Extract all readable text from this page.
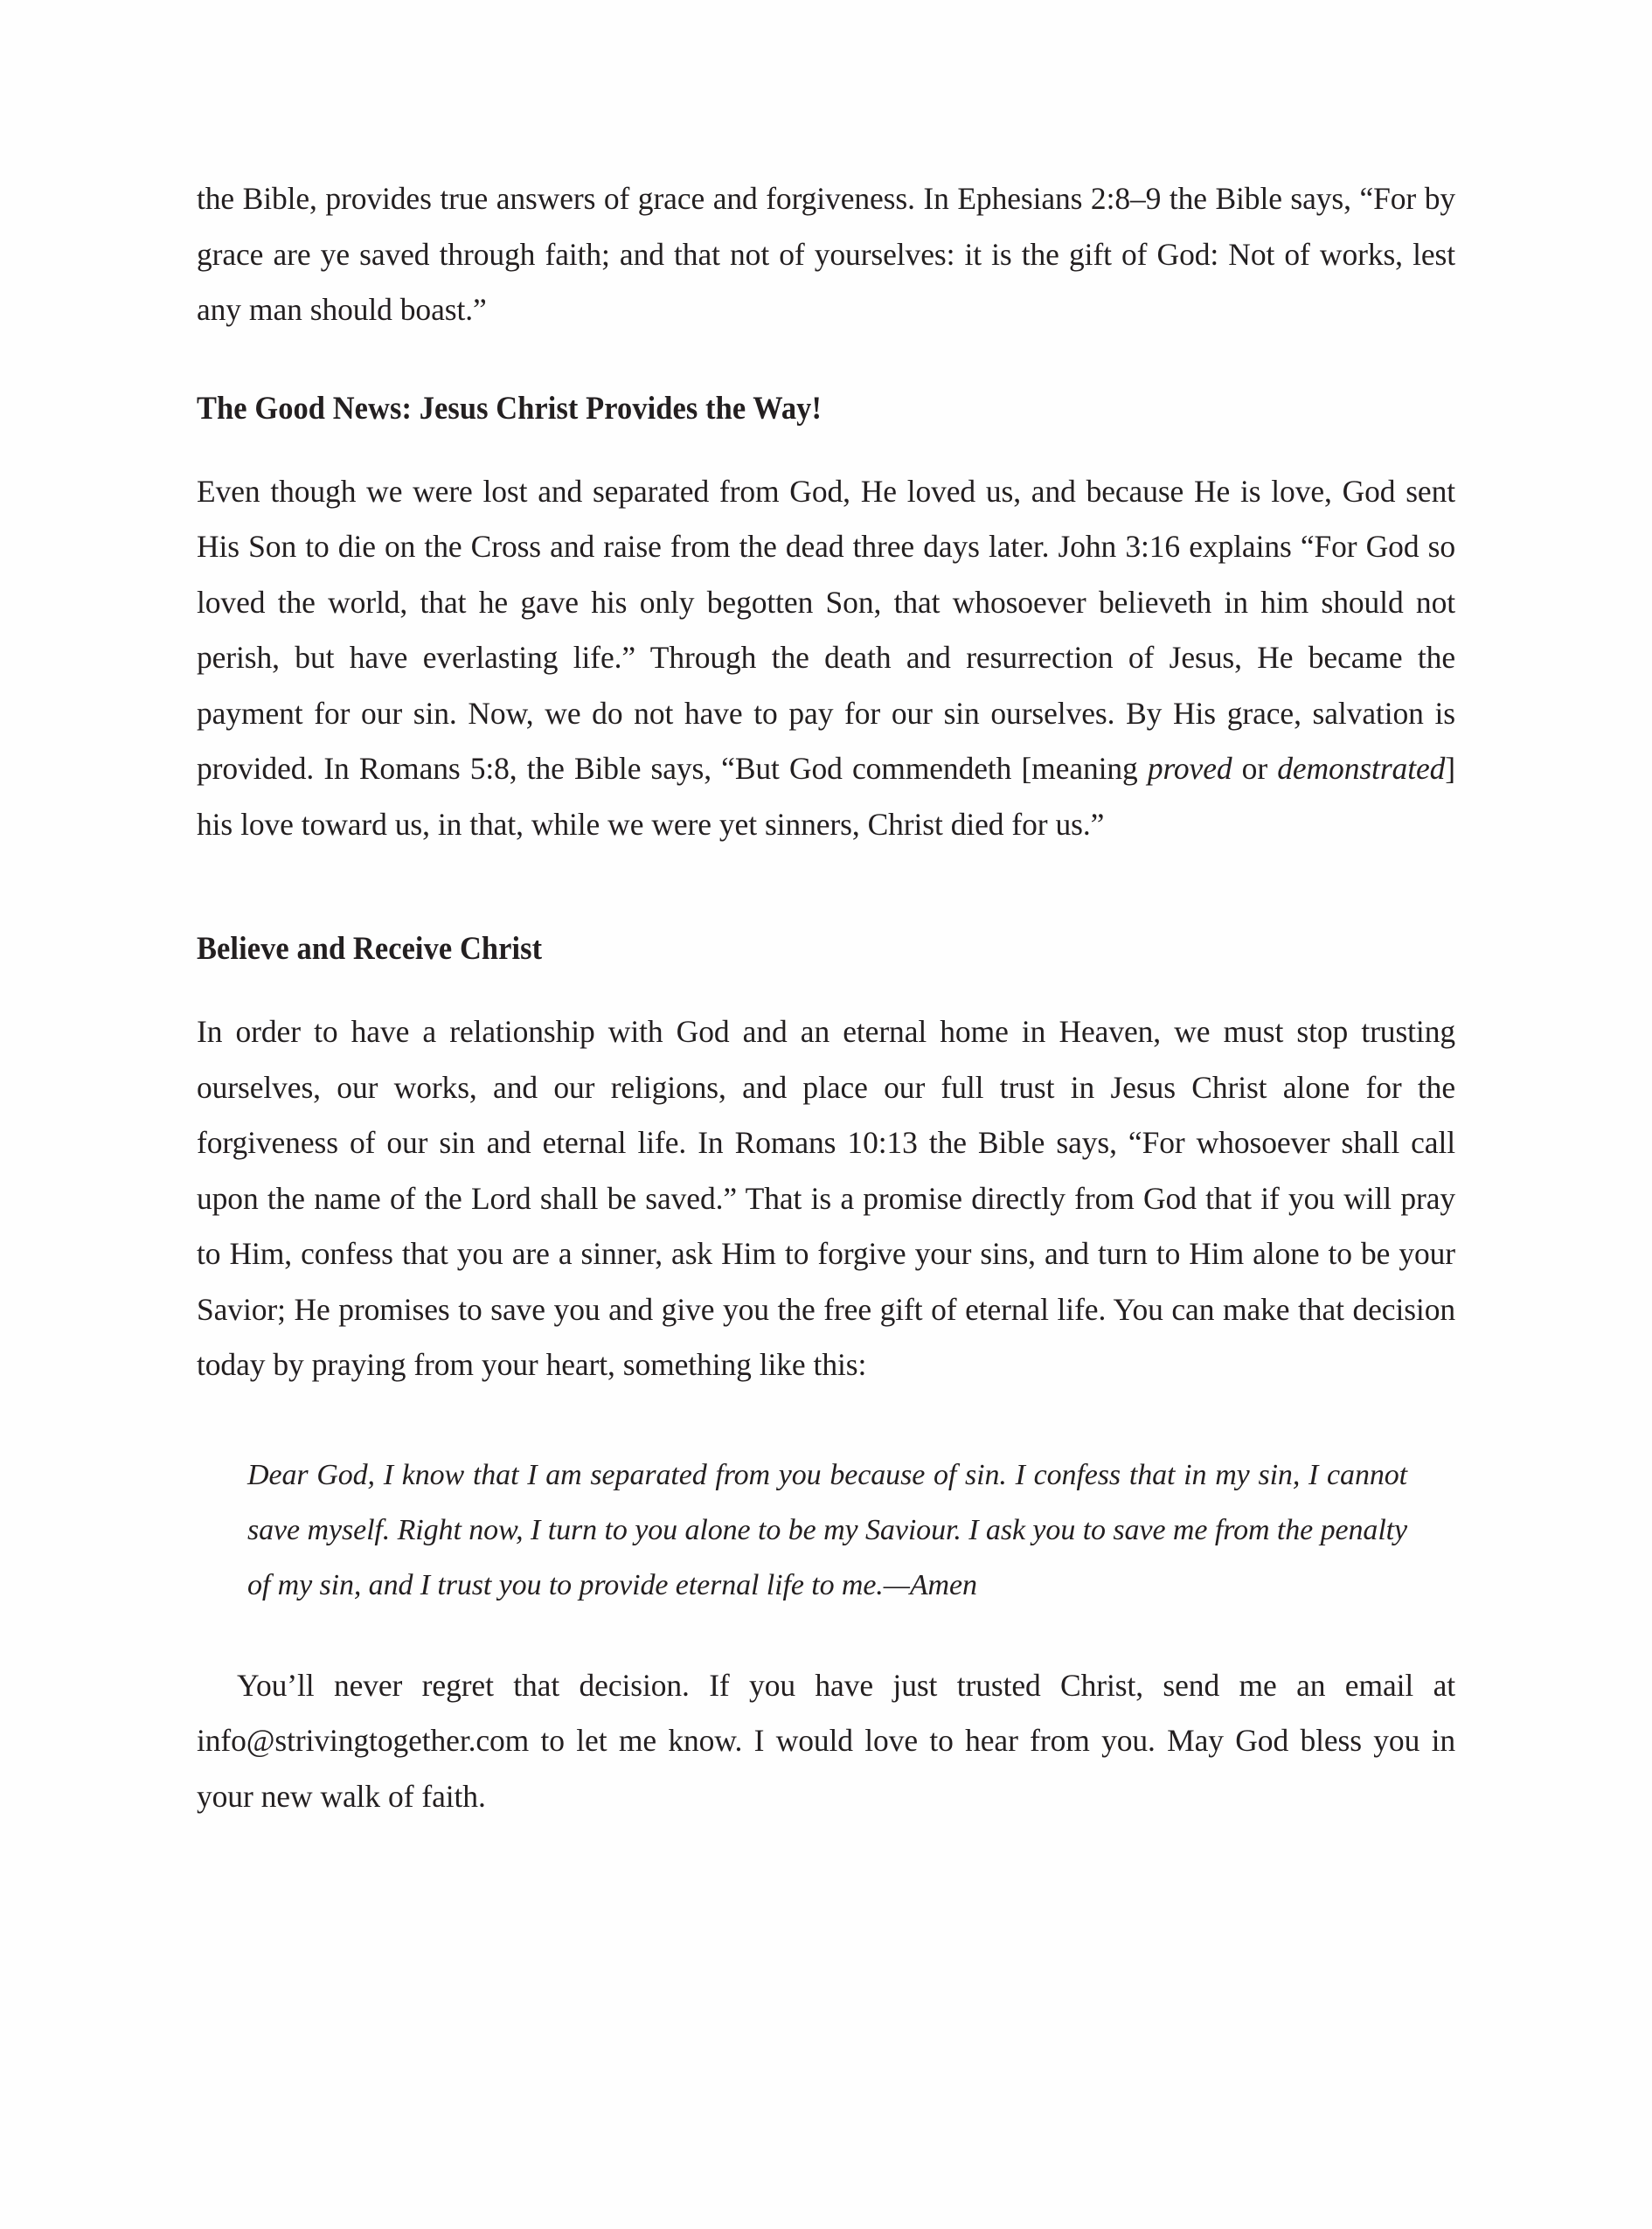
the Bible, provides true answers of grace and forgiveness. In Ephesians 2:8–9 the Bible says, “For by grace are ye saved through faith; and that not of yourselves: it is the gift of God: Not of works, lest any man should boast.”

The Good News: Jesus Christ Provides the Way!

Even though we were lost and separated from God, He loved us, and because He is love, God sent His Son to die on the Cross and raise from the dead three days later. John 3:16 explains “For God so loved the world, that he gave his only begotten Son, that whosoever believeth in him should not perish, but have everlasting life.” Through the death and resurrection of Jesus, He became the payment for our sin. Now, we do not have to pay for our sin ourselves. By His grace, salvation is provided. In Romans 5:8, the Bible says, “But God commendeth [meaning proved or demonstrated] his love toward us, in that, while we were yet sinners, Christ died for us.”

Believe and Receive Christ

In order to have a relationship with God and an eternal home in Heaven, we must stop trusting ourselves, our works, and our religions, and place our full trust in Jesus Christ alone for the forgiveness of our sin and eternal life. In Romans 10:13 the Bible says, “For whosoever shall call upon the name of the Lord shall be saved.” That is a promise directly from God that if you will pray to Him, confess that you are a sinner, ask Him to forgive your sins, and turn to Him alone to be your Savior; He promises to save you and give you the free gift of eternal life. You can make that decision today by praying from your heart, something like this:

Dear God, I know that I am separated from you because of sin. I confess that in my sin, I cannot save myself. Right now, I turn to you alone to be my Saviour. I ask you to save me from the penalty of my sin, and I trust you to provide eternal life to me.—Amen

You’ll never regret that decision. If you have just trusted Christ, send me an email at info@strivingtogether.com to let me know. I would love to hear from you. May God bless you in your new walk of faith.
